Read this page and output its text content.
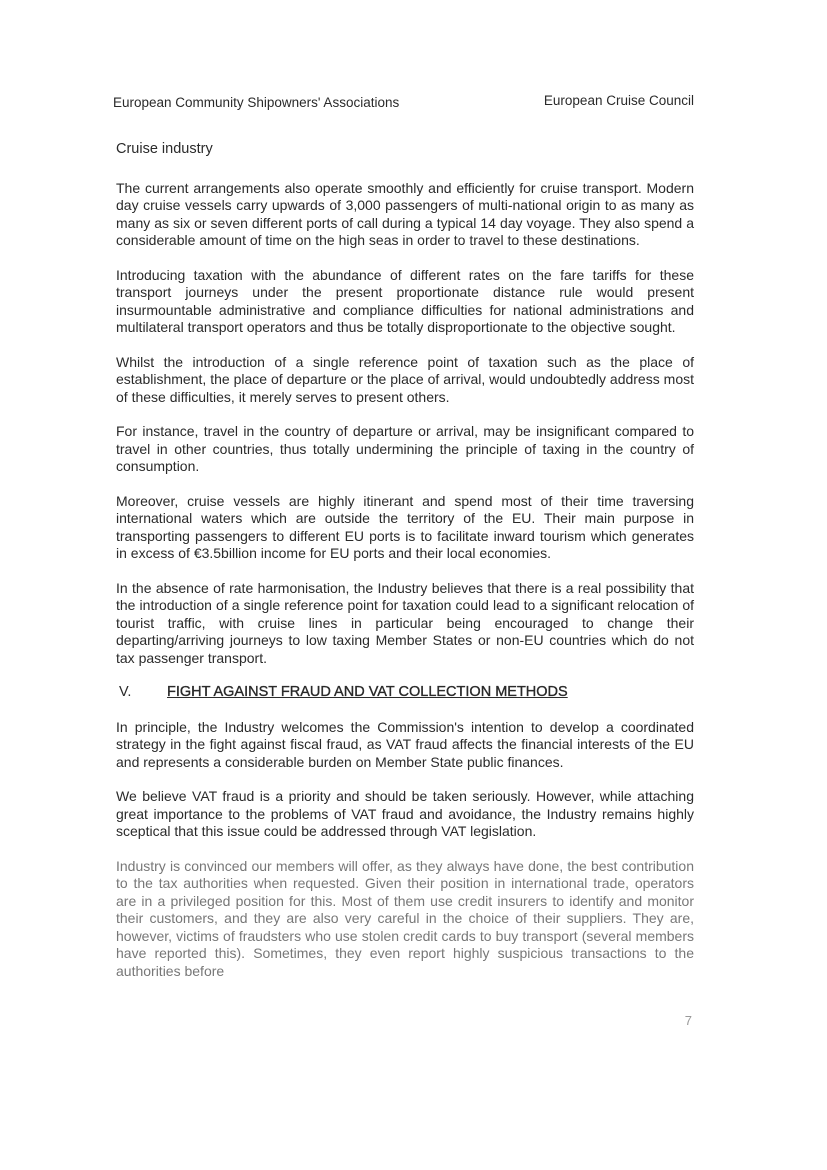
European Community Shipowners' Associations	European Cruise Council
Cruise industry

The current arrangements also operate smoothly and efficiently for cruise transport. Modern day cruise vessels carry upwards of 3,000 passengers of multi-national origin to as many as many as six or seven different ports of call during a typical 14 day voyage. They also spend a considerable amount of time on the high seas in order to travel to these destinations.

Introducing taxation with the abundance of different rates on the fare tariffs for these transport journeys under the present proportionate distance rule would present insurmountable administrative and compliance difficulties for national administrations and multilateral transport operators and thus be totally disproportionate to the objective sought.

Whilst the introduction of a single reference point of taxation such as the place of establishment, the place of departure or the place of arrival, would undoubtedly address most of these difficulties, it merely serves to present others.

For instance, travel in the country of departure or arrival, may be insignificant compared to travel in other countries, thus totally undermining the principle of taxing in the country of consumption.

Moreover, cruise vessels are highly itinerant and spend most of their time traversing international waters which are outside the territory of the EU. Their main purpose in transporting passengers to different EU ports is to facilitate inward tourism which generates in excess of €3.5billion income for EU ports and their local economies.

In the absence of rate harmonisation, the Industry believes that there is a real possibility that the introduction of a single reference point for taxation could lead to a significant relocation of tourist traffic, with cruise lines in particular being encouraged to change their departing/arriving journeys to low taxing Member States or non-EU countries which do not tax passenger transport.

V.	FIGHT AGAINST FRAUD AND VAT COLLECTION METHODS

In principle, the Industry welcomes the Commission's intention to develop a coordinated strategy in the fight against fiscal fraud, as VAT fraud affects the financial interests of the EU and represents a considerable burden on Member State public finances.

We believe VAT fraud is a priority and should be taken seriously. However, while attaching great importance to the problems of VAT fraud and avoidance, the Industry remains highly sceptical that this issue could be addressed through VAT legislation.

Industry is convinced our members will offer, as they always have done, the best contribution to the tax authorities when requested. Given their position in international trade, operators are in a privileged position for this. Most of them use credit insurers to identify and monitor their customers, and they are also very careful in the choice of their suppliers. They are, however, victims of fraudsters who use stolen credit cards to buy transport (several members have reported this). Sometimes, they even report highly suspicious transactions to the authorities before

7
